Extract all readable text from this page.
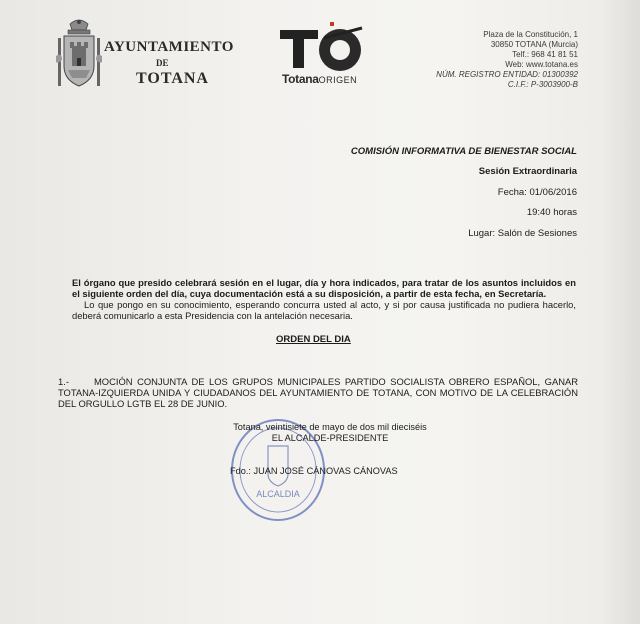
AYUNTAMIENTO
DE
TOTANA	TotanaORIGEN
Plaza de la Constitución, 1
30850 TOTANA (Murcia)
Telf.: 968 41 81 51
Web: www.totana.es
NÚM. REGISTRO ENTIDAD: 01300392
C.I.F.: P-3003900-B
COMISIÓN INFORMATIVA DE BIENESTAR SOCIAL
Sesión Extraordinaria
Fecha: 01/06/2016
19:40 horas
Lugar: Salón de Sesiones
El órgano que presido celebrará sesión en el lugar, día y hora indicados, para tratar de los asuntos incluidos en el siguiente orden del día, cuya documentación está a su disposición, a partir de esta fecha, en Secretaría.
Lo que pongo en su conocimiento, esperando concurra usted al acto, y si por causa justificada no pudiera hacerlo, deberá comunicarlo a esta Presidencia con la antelación necesaria.
ORDEN DEL DIA
1.-	MOCIÓN CONJUNTA DE LOS GRUPOS MUNICIPALES PARTIDO SOCIALISTA OBRERO ESPAÑOL, GANAR TOTANA-IZQUIERDA UNIDA Y CIUDADANOS DEL AYUNTAMIENTO DE TOTANA, CON MOTIVO DE LA CELEBRACIÓN DEL ORGULLO LGTB EL 28 DE JUNIO.
ALCALDIA
Totana, veintisiete de mayo de dos mil dieciséis
EL ALCALDE-PRESIDENTE
Fdo.: JUAN JOSÉ CÁNOVAS CÁNOVAS
